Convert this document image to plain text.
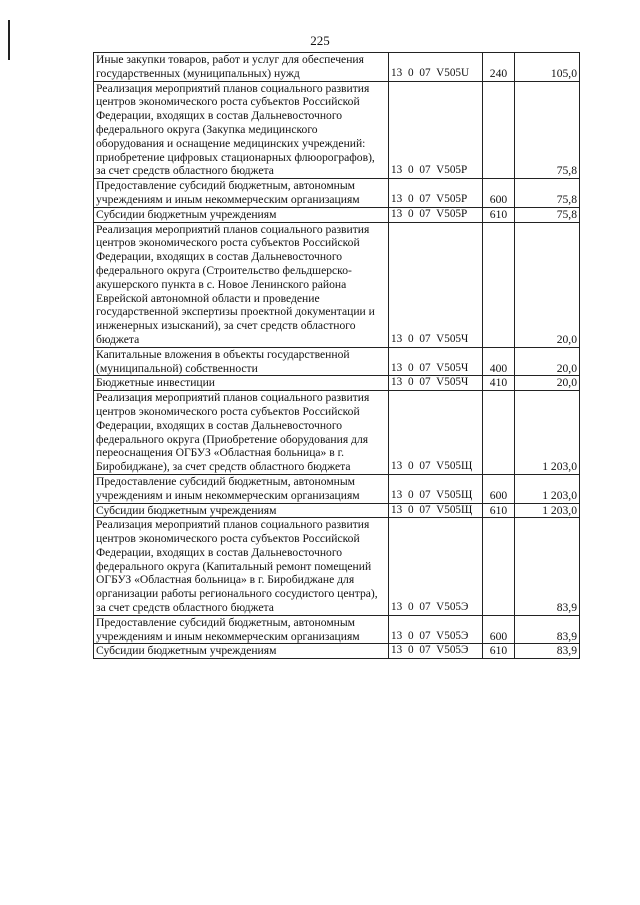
225
Иные закупки товаров, работ и услуг для обеспечения государственных (муниципальных) нужд	13 0 07 V505U	240	105,0
Реализация мероприятий планов социального развития центров экономического роста субъектов Российской Федерации, входящих в состав Дальневосточного федерального округа (Закупка медицинского оборудования и оснащение медицинских учреждений: приобретение цифровых стационарных флюорографов), за счет средств областного бюджета	13 0 07 V505P		75,8
Предоставление субсидий бюджетным, автономным учреждениям и иным некоммерческим организациям	13 0 07 V505P	600	75,8
Субсидии бюджетным учреждениям	13 0 07 V505P	610	75,8
Реализация мероприятий планов социального развития центров экономического роста субъектов Российской Федерации, входящих в состав Дальневосточного федерального округа (Строительство фельдшерско-акушерского пункта в с. Новое Ленинского района Еврейской автономной области и проведение государственной экспертизы проектной документации и инженерных изысканий), за счет средств областного бюджета	13 0 07 V505Ч		20,0
Капитальные вложения в объекты государственной (муниципальной) собственности	13 0 07 V505Ч	400	20,0
Бюджетные инвестиции	13 0 07 V505Ч	410	20,0
Реализация мероприятий планов социального развития центров экономического роста субъектов Российской Федерации, входящих в состав Дальневосточного федерального округа (Приобретение оборудования для переоснащения ОГБУЗ «Областная больница» в г. Биробиджане), за счет средств областного бюджета	13 0 07 V505Щ		1 203,0
Предоставление субсидий бюджетным, автономным учреждениям и иным некоммерческим организациям	13 0 07 V505Щ	600	1 203,0
Субсидии бюджетным учреждениям	13 0 07 V505Щ	610	1 203,0
Реализация мероприятий планов социального развития центров экономического роста субъектов Российской Федерации, входящих в состав Дальневосточного федерального округа (Капитальный ремонт помещений ОГБУЗ «Областная больница» в г. Биробиджане для организации работы регионального сосудистого центра), за счет средств областного бюджета	13 0 07 V505Э		83,9
Предоставление субсидий бюджетным, автономным учреждениям и иным некоммерческим организациям	13 0 07 V505Э	600	83,9
Субсидии бюджетным учреждениям	13 0 07 V505Э	610	83,9
